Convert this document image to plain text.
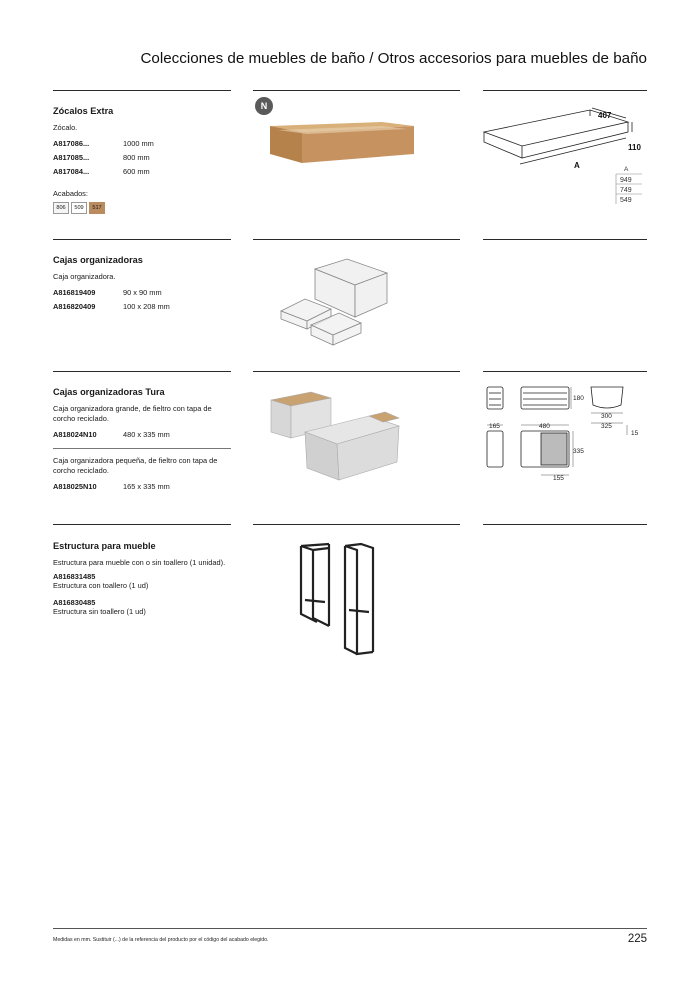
Colecciones de muebles de baño / Otros accesorios para muebles de baño
Zócalos Extra
Zócalo.
A817086...	1000 mm
A817085...	800 mm
A817084...	600 mm
Acabados:
806	509	517
N
407
110
A	A
949
749
549
Cajas organizadoras
Caja organizadora.
A816819409	90 x 90 mm
A816820409	100 x 208 mm
Cajas organizadoras Tura
Caja organizadora grande, de fieltro con tapa de corcho reciclado.
A818024N10	480 x 335 mm
Caja organizadora pequeña, de fieltro con tapa de corcho reciclado.
A818025N10	165 x 335 mm
180
300
325
15
165	480
335
155
Estructura para mueble
Estructura para mueble con o sin toallero (1 unidad).
A816831485
Estructura con toallero (1 ud)
A816830485
Estructura sin toallero (1 ud)
Medidas en mm. Sustituir (...) de la referencia del producto por el código del acabado elegido.	225
